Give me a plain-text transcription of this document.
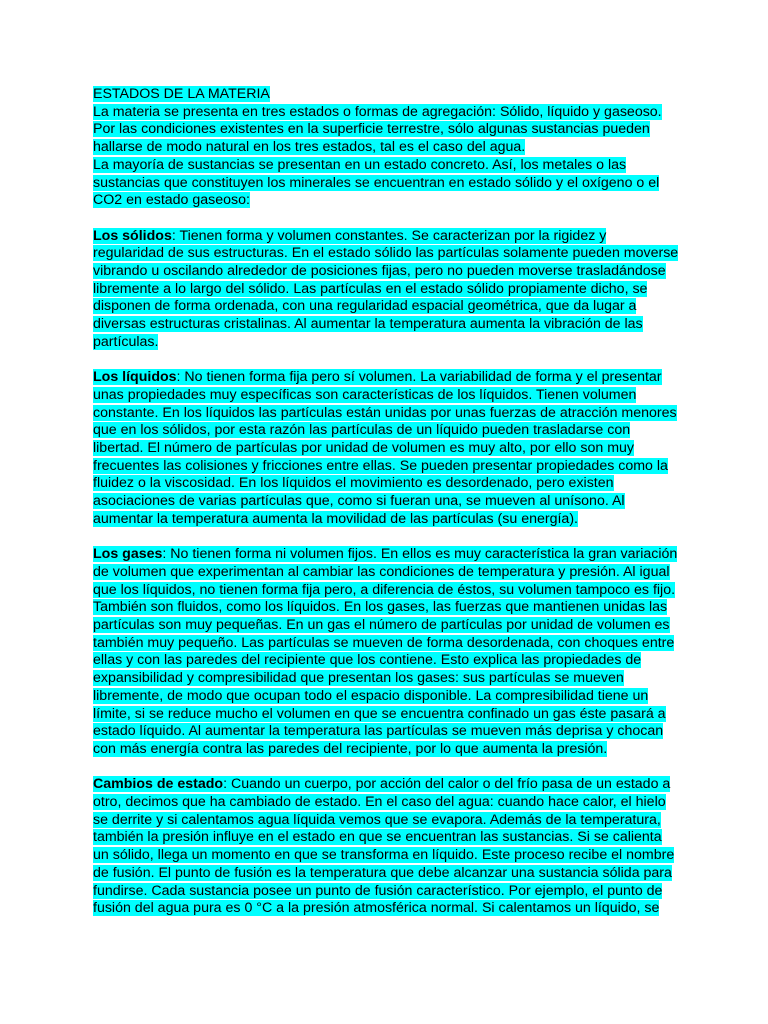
ESTADOS DE LA MATERIA

La materia se presenta en tres estados o formas de agregación: Sólido, líquido y gaseoso. Por las condiciones existentes en la superficie terrestre, sólo algunas sustancias pueden hallarse de modo natural en los tres estados, tal es el caso del agua.

La mayoría de sustancias se presentan en un estado concreto. Así, los metales o las sustancias que constituyen los minerales se encuentran en estado sólido y el oxígeno o el CO2 en estado gaseoso:

Los sólidos: Tienen forma y volumen constantes. Se caracterizan por la rigidez y regularidad de sus estructuras. En el estado sólido las partículas solamente pueden moverse vibrando u oscilando alrededor de posiciones fijas, pero no pueden moverse trasladándose libremente a lo largo del sólido. Las partículas en el estado sólido propiamente dicho, se disponen de forma ordenada, con una regularidad espacial geométrica, que da lugar a diversas estructuras cristalinas. Al aumentar la temperatura aumenta la vibración de las partículas.

Los líquidos: No tienen forma fija pero sí volumen. La variabilidad de forma y el presentar unas propiedades muy específicas son características de los líquidos. Tienen volumen constante. En los líquidos las partículas están unidas por unas fuerzas de atracción menores que en los sólidos, por esta razón las partículas de un líquido pueden trasladarse con libertad. El número de partículas por unidad de volumen es muy alto, por ello son muy frecuentes las colisiones y fricciones entre ellas. Se pueden presentar propiedades como la fluidez o la viscosidad. En los líquidos el movimiento es desordenado, pero existen asociaciones de varias partículas que, como si fueran una, se mueven al unísono. Al aumentar la temperatura aumenta la movilidad de las partículas (su energía).

Los gases: No tienen forma ni volumen fijos. En ellos es muy característica la gran variación de volumen que experimentan al cambiar las condiciones de temperatura y presión. Al igual que los líquidos, no tienen forma fija pero, a diferencia de éstos, su volumen tampoco es fijo. También son fluidos, como los líquidos. En los gases, las fuerzas que mantienen unidas las partículas son muy pequeñas. En un gas el número de partículas por unidad de volumen es también muy pequeño. Las partículas se mueven de forma desordenada, con choques entre ellas y con las paredes del recipiente que los contiene. Esto explica las propiedades de expansibilidad y compresibilidad que presentan los gases: sus partículas se mueven libremente, de modo que ocupan todo el espacio disponible. La compresibilidad tiene un límite, si se reduce mucho el volumen en que se encuentra confinado un gas éste pasará a estado líquido. Al aumentar la temperatura las partículas se mueven más deprisa y chocan con más energía contra las paredes del recipiente, por lo que aumenta la presión.

Cambios de estado: Cuando un cuerpo, por acción del calor o del frío pasa de un estado a otro, decimos que ha cambiado de estado. En el caso del agua: cuando hace calor, el hielo se derrite y si calentamos agua líquida vemos que se evapora. Además de la temperatura, también la presión influye en el estado en que se encuentran las sustancias. Si se calienta un sólido, llega un momento en que se transforma en líquido. Este proceso recibe el nombre de fusión. El punto de fusión es la temperatura que debe alcanzar una sustancia sólida para fundirse. Cada sustancia posee un punto de fusión característico. Por ejemplo, el punto de fusión del agua pura es 0 °C a la presión atmosférica normal. Si calentamos un líquido, se
